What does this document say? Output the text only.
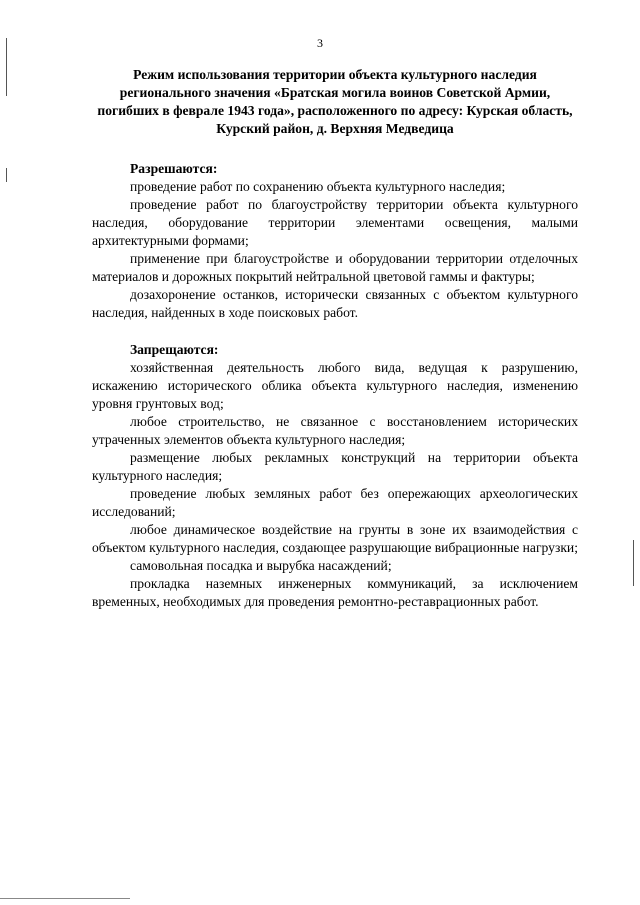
3
Режим использования территории объекта культурного наследия регионального значения «Братская могила воинов Советской Армии, погибших в феврале 1943 года», расположенного по адресу: Курская область, Курский район, д. Верхняя Медведица

Разрешаются:

проведение работ по сохранению объекта культурного наследия;

проведение работ по благоустройству территории объекта культурного наследия, оборудование территории элементами освещения, малыми архитектурными формами;

применение при благоустройстве и оборудовании территории отделочных материалов и дорожных покрытий нейтральной цветовой гаммы и фактуры;

дозахоронение останков, исторически связанных с объектом культурного наследия, найденных в ходе поисковых работ.

Запрещаются:

хозяйственная деятельность любого вида, ведущая к разрушению, искажению исторического облика объекта культурного наследия, изменению уровня грунтовых вод;

любое строительство, не связанное с восстановлением исторических утраченных элементов объекта культурного наследия;

размещение любых рекламных конструкций на территории объекта культурного наследия;

проведение любых земляных работ без опережающих археологических исследований;

любое динамическое воздействие на грунты в зоне их взаимодействия с объектом культурного наследия, создающее разрушающие вибрационные нагрузки;

самовольная посадка и вырубка насаждений;

прокладка наземных инженерных коммуникаций, за исключением временных, необходимых для проведения ремонтно-реставрационных работ.
